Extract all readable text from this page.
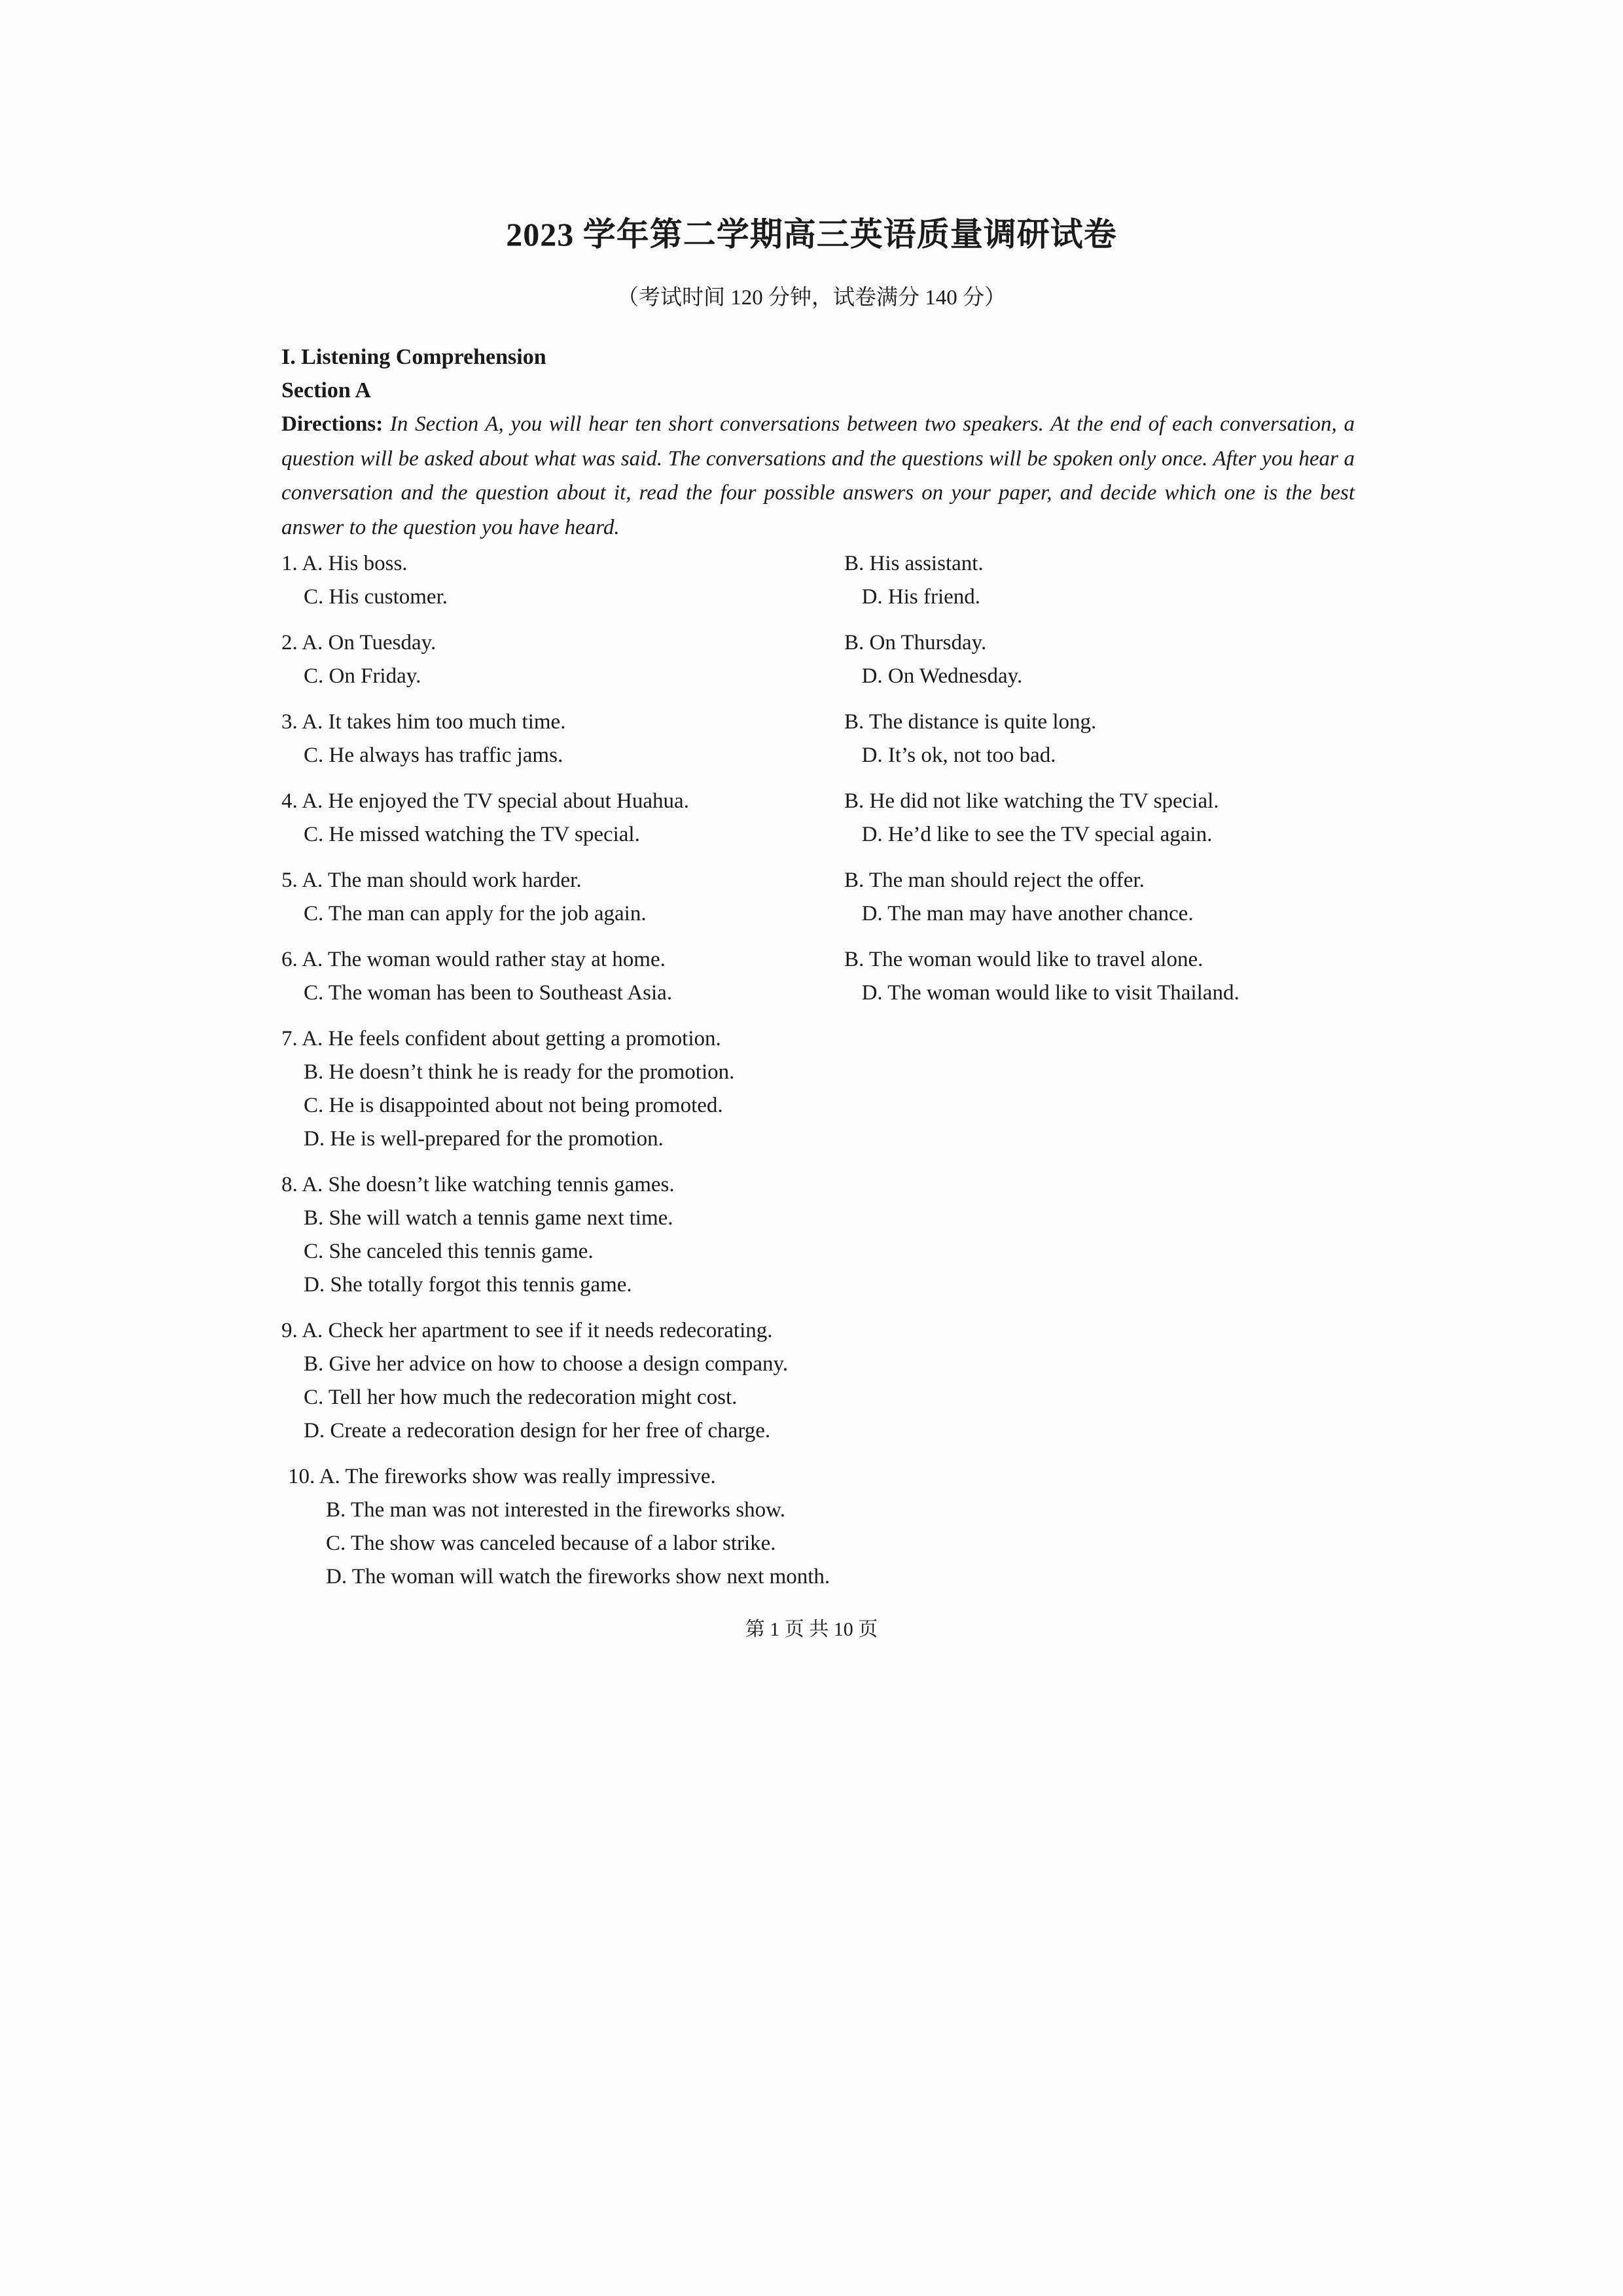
2023 学年第二学期高三英语质量调研试卷
（考试时间 120 分钟，试卷满分 140 分）
I. Listening Comprehension
Section A
Directions: In Section A, you will hear ten short conversations between two speakers. At the end of each conversation, a question will be asked about what was said. The conversations and the questions will be spoken only once. After you hear a conversation and the question about it, read the four possible answers on your paper, and decide which one is the best answer to the question you have heard.
1. A. His boss.	B. His assistant.
C. His customer.	D. His friend.
2. A. On Tuesday.	B. On Thursday.
C. On Friday.	D. On Wednesday.
3. A. It takes him too much time.	B. The distance is quite long.
C. He always has traffic jams.	D. It’s ok, not too bad.
4. A. He enjoyed the TV special about Huahua.	B. He did not like watching the TV special.
C. He missed watching the TV special.	D. He’d like to see the TV special again.
5. A. The man should work harder.	B. The man should reject the offer.
C. The man can apply for the job again.	D. The man may have another chance.
6. A. The woman would rather stay at home.	B. The woman would like to travel alone.
C. The woman has been to Southeast Asia.	D. The woman would like to visit Thailand.
7. A. He feels confident about getting a promotion.
B. He doesn’t think he is ready for the promotion.
C. He is disappointed about not being promoted.
D. He is well-prepared for the promotion.
8. A. She doesn’t like watching tennis games.
B. She will watch a tennis game next time.
C. She canceled this tennis game.
D. She totally forgot this tennis game.
9. A. Check her apartment to see if it needs redecorating.
B. Give her advice on how to choose a design company.
C. Tell her how much the redecoration might cost.
D. Create a redecoration design for her free of charge.
10. A. The fireworks show was really impressive.
B. The man was not interested in the fireworks show.
C. The show was canceled because of a labor strike.
D. The woman will watch the fireworks show next month.
第 1 页 共 10 页
